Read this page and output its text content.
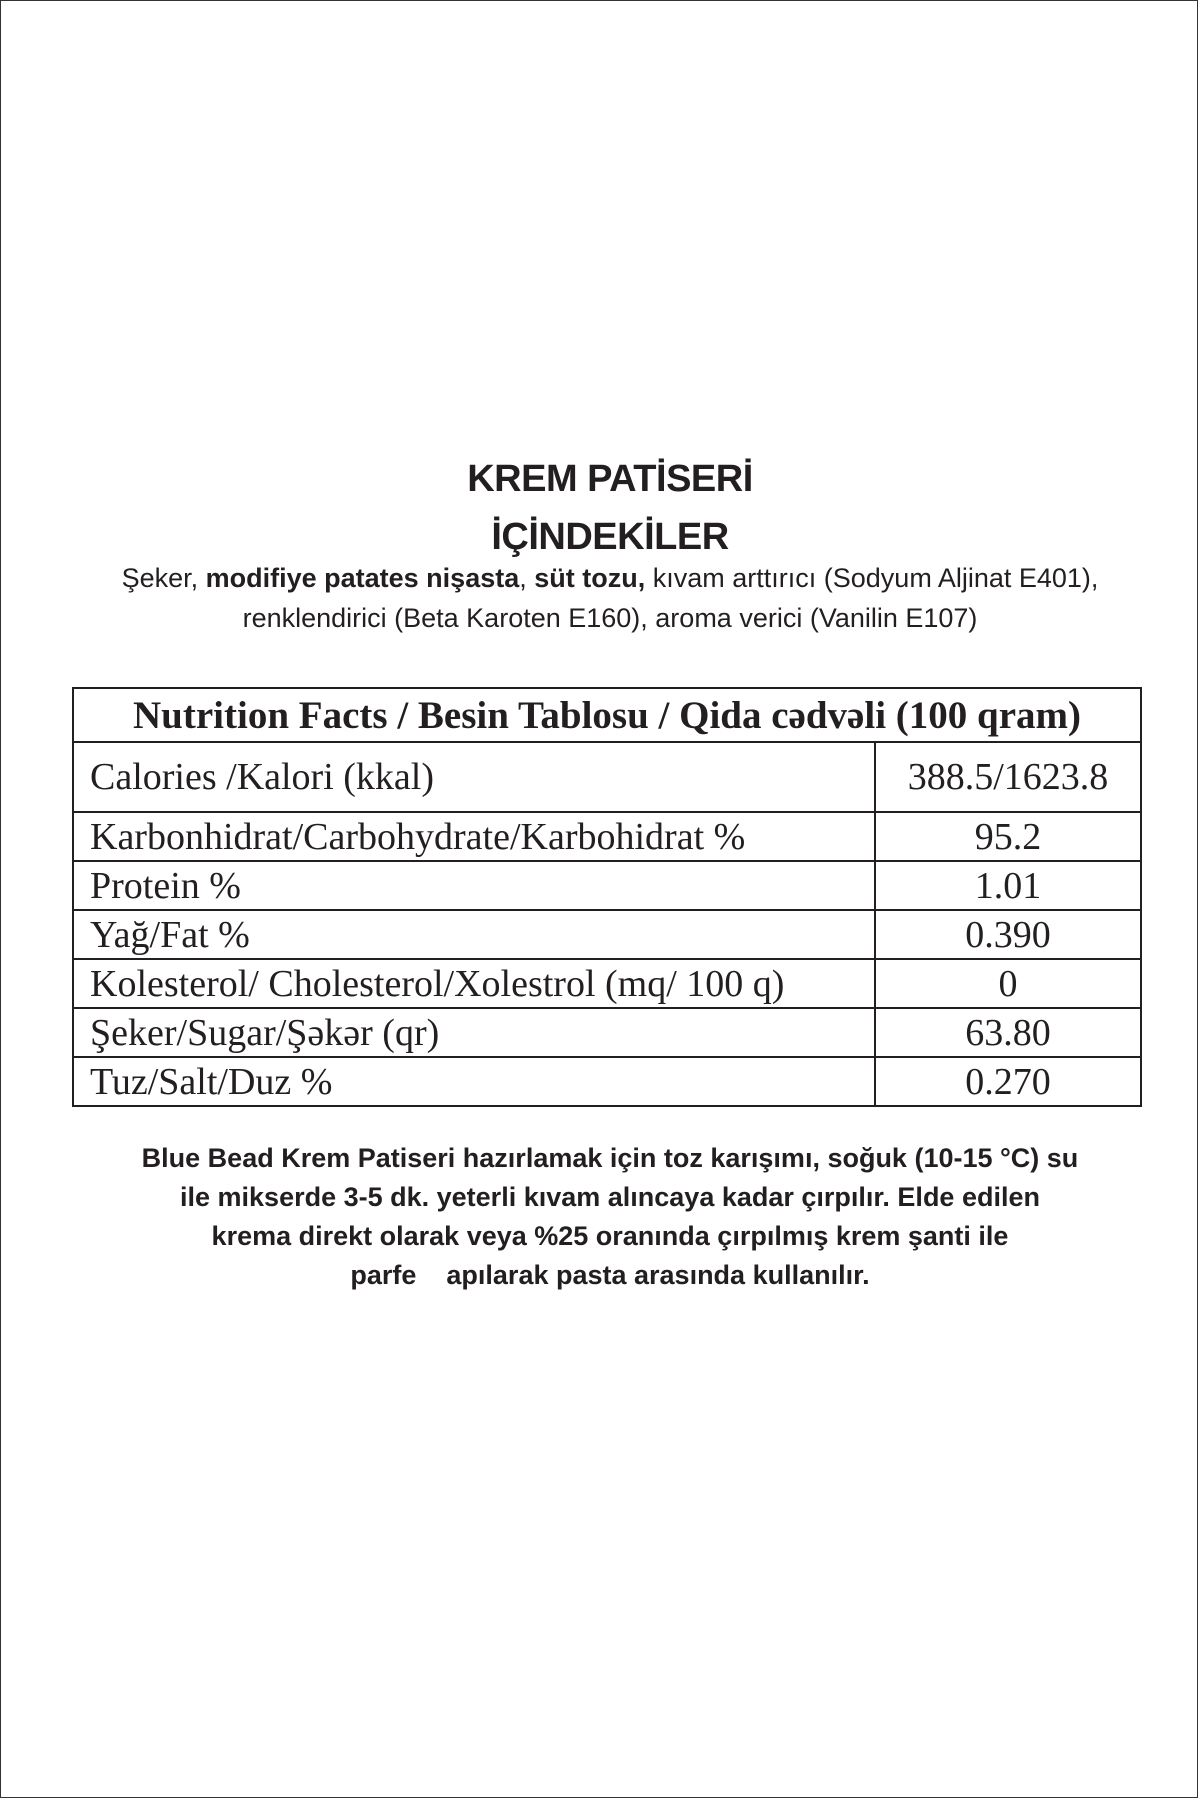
KREM PATİSERİ
İÇİNDEKİLER
Şeker, modifiye patates nişasta, süt tozu, kıvam arttırıcı (Sodyum Aljinat E401), renklendirici (Beta Karoten E160), aroma verici (Vanilin E107)
Nutrition Facts / Besin Tablosu / Qida cədvəli (100 qram)	
Calories /Kalori (kkal)	388.5/1623.8
Karbonhidrat/Carbohydrate/Karbohidrat %	95.2
Protein %	1.01
Yağ/Fat %	0.390
Kolesterol/ Cholesterol/Xolestrol (mq/ 100 q)	0
Şeker/Sugar/Şəkər (qr)	63.80
Tuz/Salt/Duz %	0.270
Blue Bead Krem Patiseri hazırlamak için toz karışımı, soğuk (10-15 °C) su
ile mikserde 3-5 dk. yeterli kıvam alıncaya kadar çırpılır. Elde edilen
krema direkt olarak veya %25 oranında çırpılmış krem şanti ile
parfe    apılarak pasta arasında kullanılır.
